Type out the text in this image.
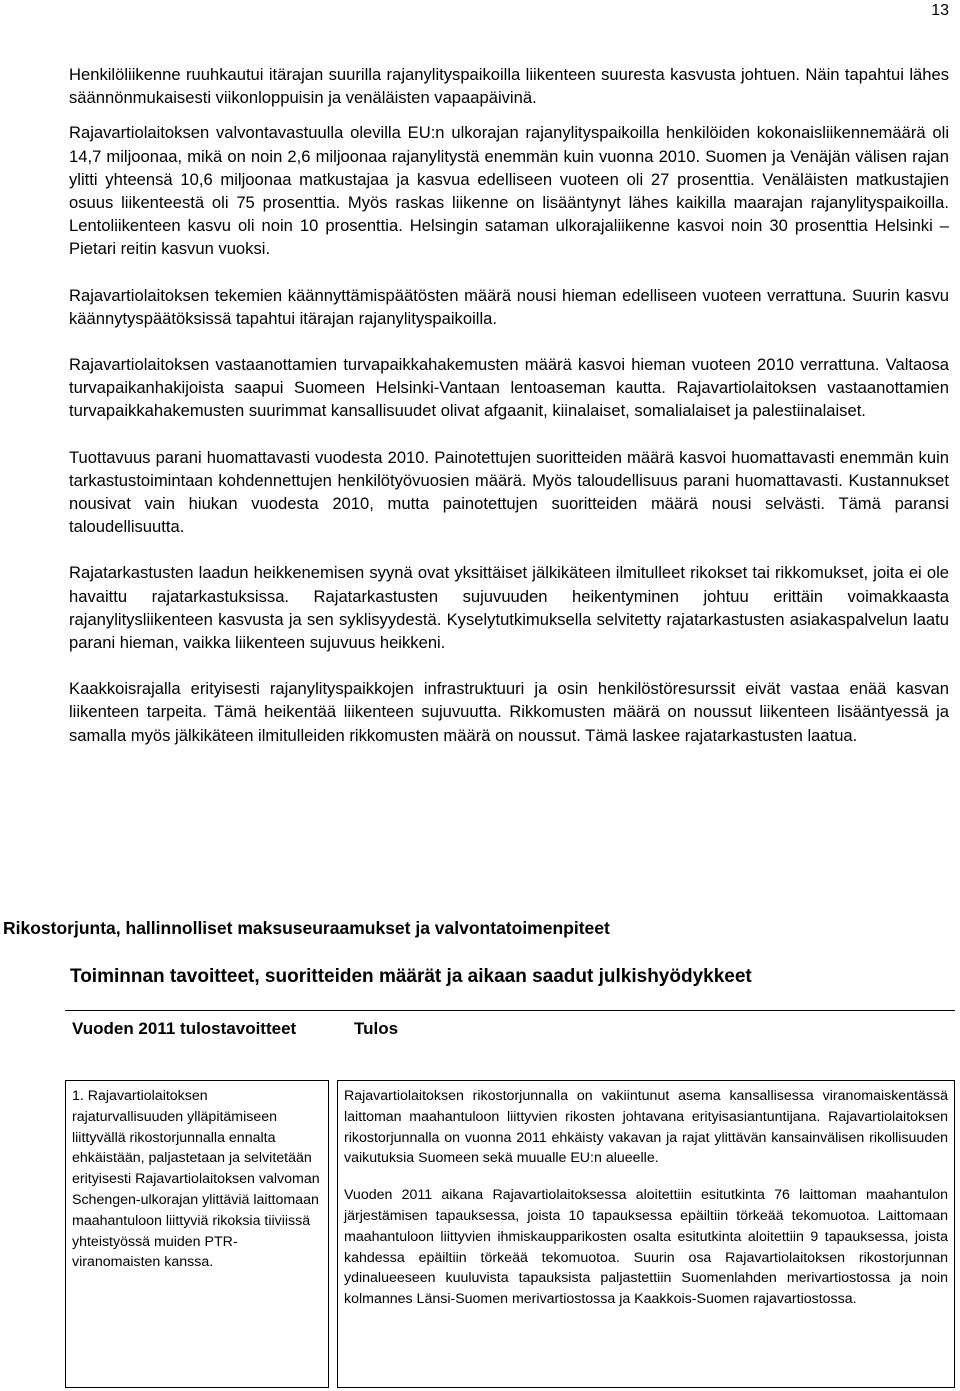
13

Henkilöliikenne ruuhkautui itärajan suurilla rajanylityspaikoilla liikenteen suuresta kasvusta johtuen. Näin tapahtui lähes säännönmukaisesti viikonloppuisin ja venäläisten vapaapäivinä.

Rajavartiolaitoksen valvontavastuulla olevilla EU:n ulkorajan rajanylityspaikoilla henkilöiden kokonaisliikennemäärä oli 14,7 miljoonaa, mikä on noin 2,6 miljoonaa rajanylitystä enemmän kuin vuonna 2010. Suomen ja Venäjän välisen rajan ylitti yhteensä 10,6 miljoonaa matkustajaa ja kasvua edelliseen vuoteen oli 27 prosenttia. Venäläisten matkustajien osuus liikenteestä oli 75 prosenttia. Myös raskas liikenne on lisääntynyt lähes kaikilla maarajan rajanylityspaikoilla. Lentoliikenteen kasvu oli noin 10 prosenttia. Helsingin sataman ulkorajaliikenne kasvoi noin 30 prosenttia Helsinki – Pietari reitin kasvun vuoksi.

Rajavartiolaitoksen tekemien käännyttämispäätösten määrä nousi hieman edelliseen vuoteen verrattuna. Suurin kasvu käännytyspäätöksissä tapahtui itärajan rajanylityspaikoilla.

Rajavartiolaitoksen vastaanottamien turvapaikkahakemusten määrä kasvoi hieman vuoteen 2010 verrattuna. Valtaosa turvapaikanhakijoista saapui Suomeen Helsinki-Vantaan lentoaseman kautta. Rajavartiolaitoksen vastaanottamien turvapaikkahakemusten suurimmat kansallisuudet olivat afgaanit, kiinalaiset, somalialaiset ja palestiinalaiset.

Tuottavuus parani huomattavasti vuodesta 2010. Painotettujen suoritteiden määrä kasvoi huomattavasti enemmän kuin tarkastustoimintaan kohdennettujen henkilötyövuosien määrä. Myös taloudellisuus parani huomattavasti. Kustannukset nousivat vain hiukan vuodesta 2010, mutta painotettujen suoritteiden määrä nousi selvästi. Tämä paransi taloudellisuutta.

Rajatarkastusten laadun heikkenemisen syynä ovat yksittäiset jälkikäteen ilmitulleet rikokset tai rikkomukset, joita ei ole havaittu rajatarkastuksissa. Rajatarkastusten sujuvuuden heikentyminen johtuu erittäin voimakkaasta rajanylitysliikenteen kasvusta ja sen syklisyydestä. Kyselytutkimuksella selvitetty rajatarkastusten asiakaspalvelun laatu parani hieman, vaikka liikenteen sujuvuus heikkeni.

Kaakkoisrajalla erityisesti rajanylityspaikkojen infrastruktuuri ja osin henkilöstöresurssit eivät vastaa enää kasvan liikenteen tarpeita. Tämä heikentää liikenteen sujuvuutta. Rikkomusten määrä on noussut liikenteen lisääntyessä ja samalla myös jälkikäteen ilmitulleiden rikkomusten määrä on noussut. Tämä laskee rajatarkastusten laatua.

Rikostorjunta, hallinnolliset maksuseuraamukset ja valvontatoimenpiteet
Toiminnan tavoitteet, suoritteiden määrät ja aikaan saadut julkishyödykkeet
Vuoden 2011 tulostavoitteet	Tulos
1. Rajavartiolaitoksen rajaturvallisuuden ylläpitämiseen liittyvällä rikostorjunnalla ennalta ehkäistään, paljastetaan ja selvitetään erityisesti Rajavartiolaitoksen valvoman Schengen-ulkorajan ylittäviä laittomaan maahantuloon liittyviä rikoksia tiiviissä yhteistyössä muiden PTR-viranomaisten kanssa.

Rajavartiolaitoksen rikostorjunnalla on vakiintunut asema kansallisessa viranomaiskentässä laittoman maahantuloon liittyvien rikosten johtavana erityisasiantuntijana. Rajavartiolaitoksen rikostorjunnalla on vuonna 2011 ehkäisty vakavan ja rajat ylittävän kansainvälisen rikollisuuden vaikutuksia Suomeen sekä muualle EU:n alueelle.

Vuoden 2011 aikana Rajavartiolaitoksessa aloitettiin esitutkinta 76 laittoman maahantulon järjestämisen tapauksessa, joista 10 tapauksessa epäiltiin törkeää tekomuotoa. Laittomaan maahantuloon liittyvien ihmiskaupparikosten osalta esitutkinta aloitettiin 9 tapauksessa, joista kahdessa epäiltiin törkeää tekomuotoa. Suurin osa Rajavartiolaitoksen rikostorjunnan ydinalueeseen kuuluvista tapauksista paljastettiin Suomenlahden merivartiostossa ja noin kolmannes Länsi-Suomen merivartiostossa ja Kaakkois-Suomen rajavartiostossa.
